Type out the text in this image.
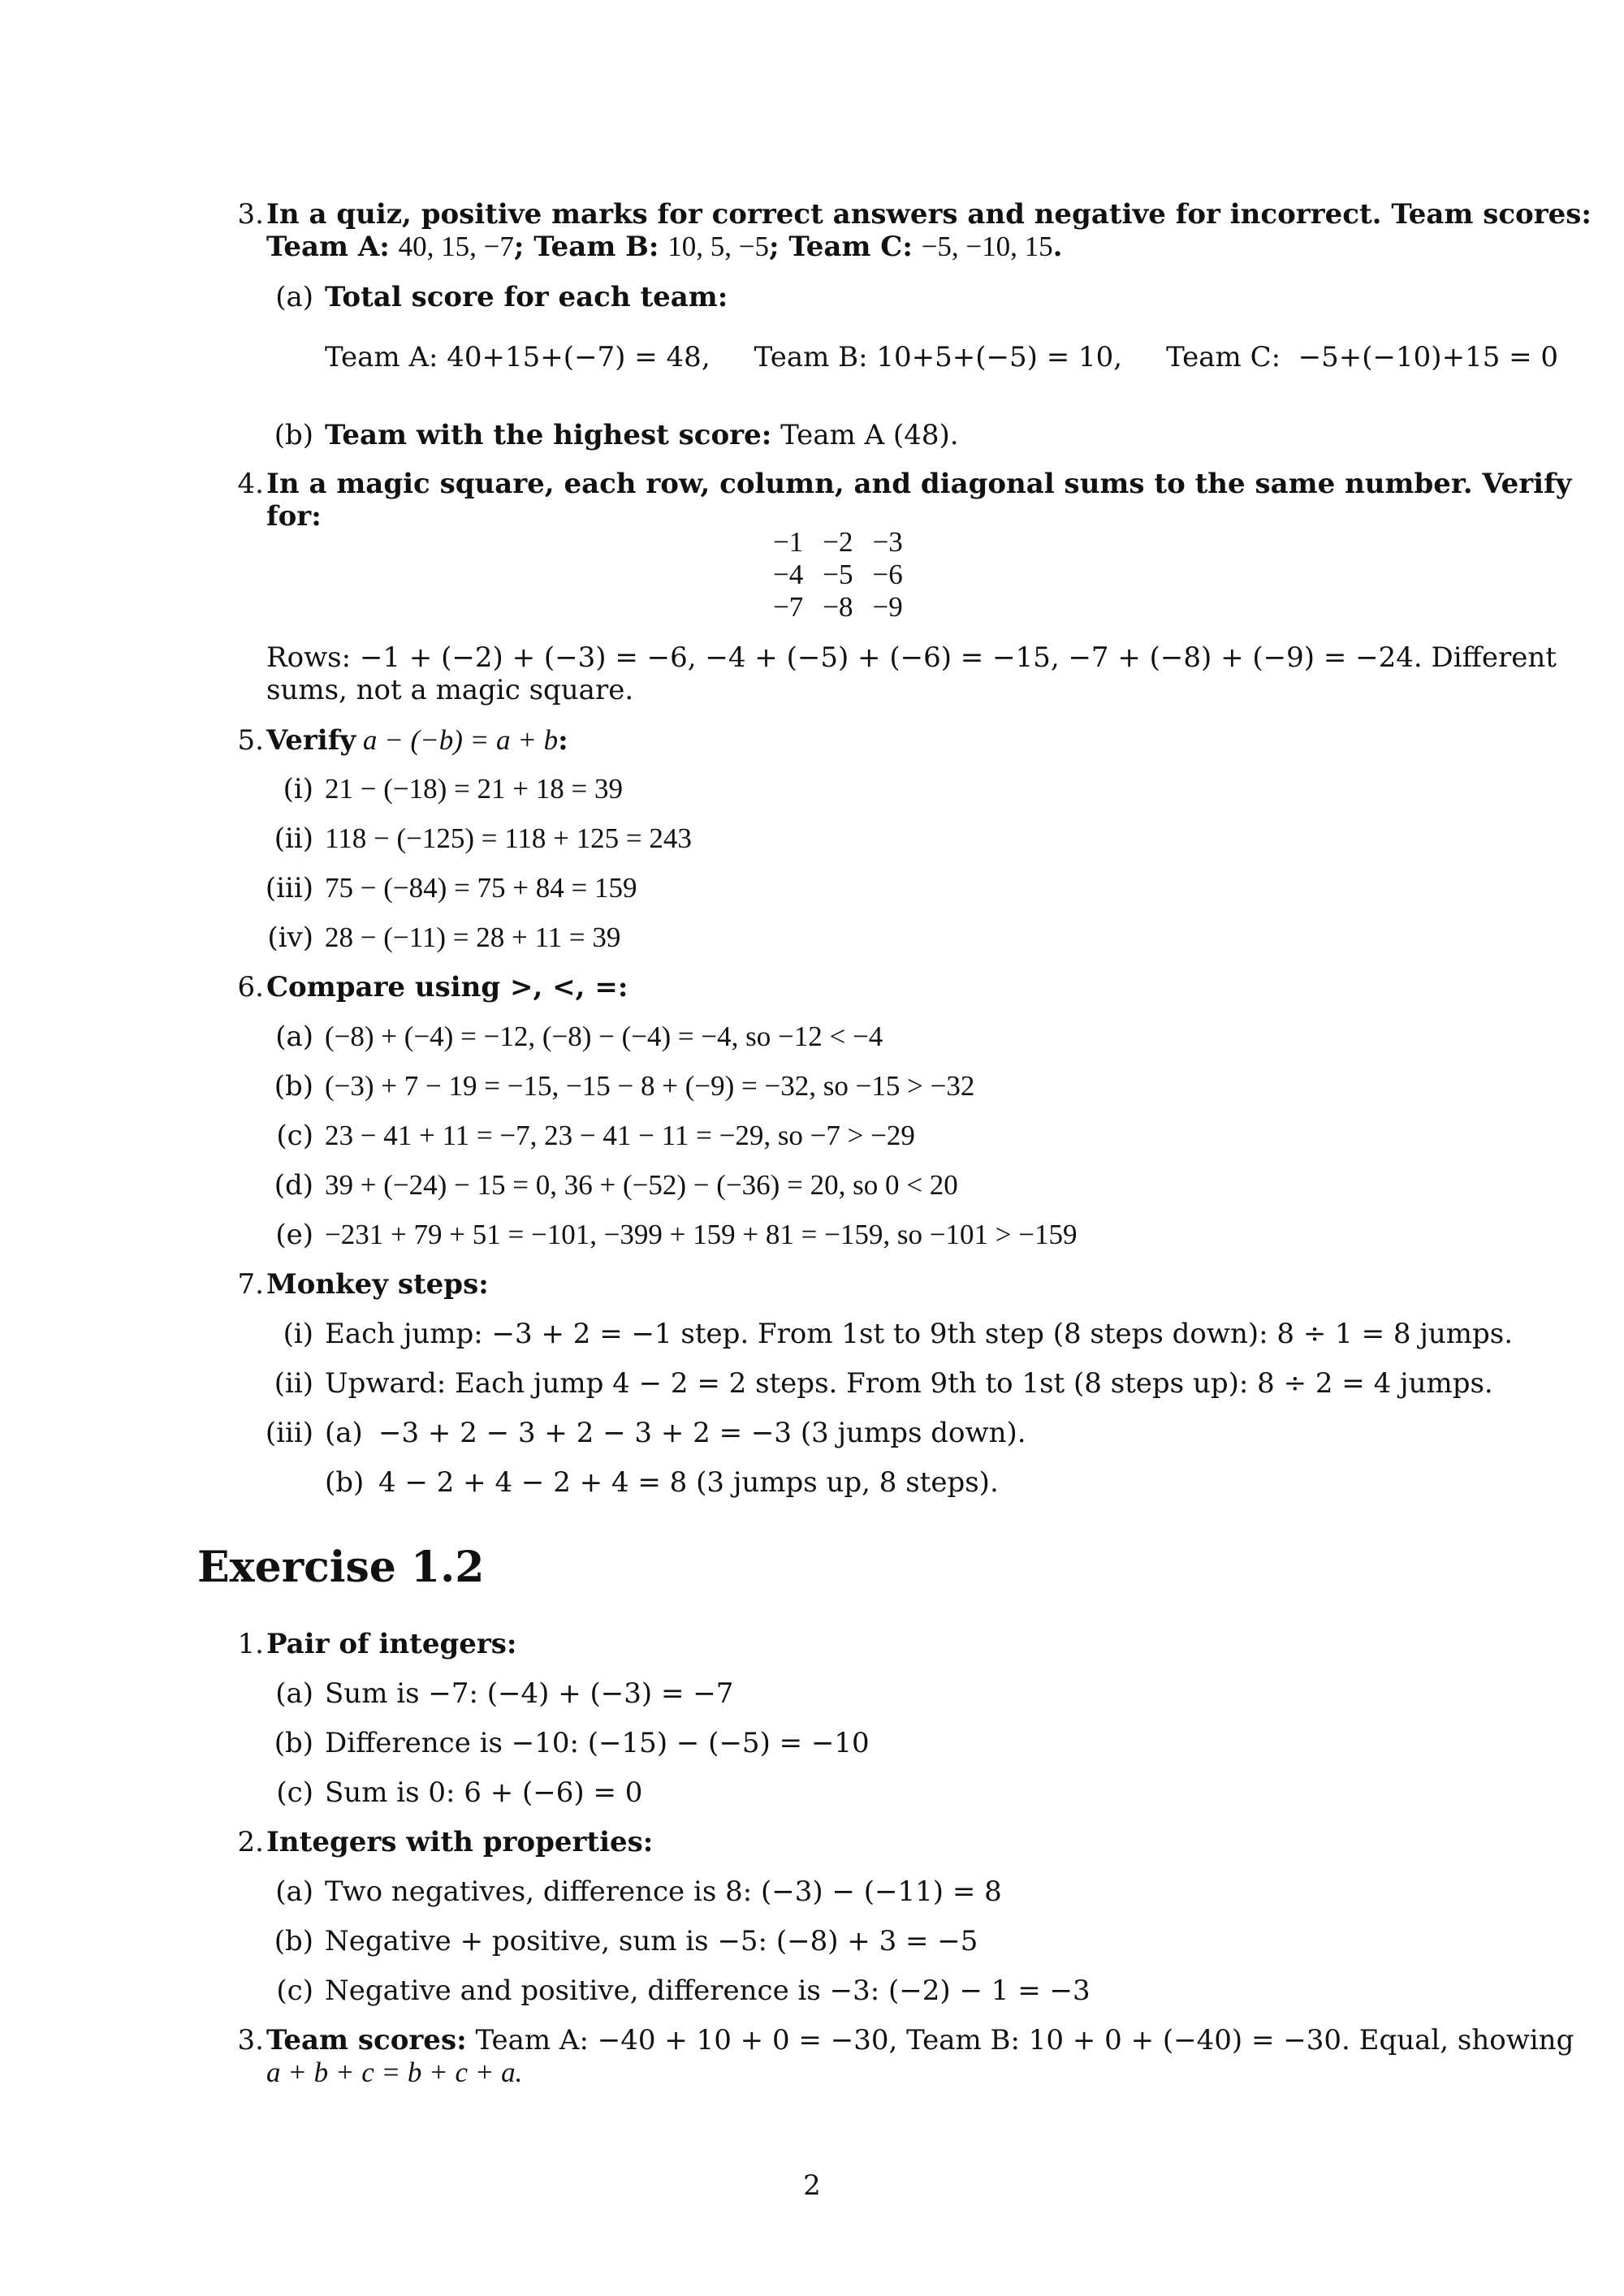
3. In a quiz, positive marks for correct answers and negative for incorrect. Team scores:
Team A: 40, 15, −7; Team B: 10, 5, −5; Team C: −5, −10, 15.
(a) Total score for each team:
Team A: 40+15+(−7) = 48,     Team B: 10+5+(−5) = 10,     Team C:  −5+(−10)+15 = 0
(b) Team with the highest score: Team A (48).
4. In a magic square, each row, column, and diagonal sums to the same number. Verify
for:
−1	−2	−3
−4	−5	−6
−7	−8	−9
Rows: −1 + (−2) + (−3) = −6, −4 + (−5) + (−6) = −15, −7 + (−8) + (−9) = −24. Different
sums, not a magic square.
5. Verify a − (−b) = a + b:
(i) 21 − (−18) = 21 + 18 = 39
(ii) 118 − (−125) = 118 + 125 = 243
(iii) 75 − (−84) = 75 + 84 = 159
(iv) 28 − (−11) = 28 + 11 = 39
6. Compare using >, <, =:
(a) (−8) + (−4) = −12, (−8) − (−4) = −4, so −12 < −4
(b) (−3) + 7 − 19 = −15, −15 − 8 + (−9) = −32, so −15 > −32
(c) 23 − 41 + 11 = −7, 23 − 41 − 11 = −29, so −7 > −29
(d) 39 + (−24) − 15 = 0, 36 + (−52) − (−36) = 20, so 0 < 20
(e) −231 + 79 + 51 = −101, −399 + 159 + 81 = −159, so −101 > −159
7. Monkey steps:
(i) Each jump: −3 + 2 = −1 step. From 1st to 9th step (8 steps down): 8 ÷ 1 = 8 jumps.
(ii) Upward: Each jump 4 − 2 = 2 steps. From 9th to 1st (8 steps up): 8 ÷ 2 = 4 jumps.
(iii) (a) −3 + 2 − 3 + 2 − 3 + 2 = −3 (3 jumps down).
(b) 4 − 2 + 4 − 2 + 4 = 8 (3 jumps up, 8 steps).
Exercise 1.2
1. Pair of integers:
(a) Sum is −7: (−4) + (−3) = −7
(b) Difference is −10: (−15) − (−5) = −10
(c) Sum is 0: 6 + (−6) = 0
2. Integers with properties:
(a) Two negatives, difference is 8: (−3) − (−11) = 8
(b) Negative + positive, sum is −5: (−8) + 3 = −5
(c) Negative and positive, difference is −3: (−2) − 1 = −3
3. Team scores: Team A: −40 + 10 + 0 = −30, Team B: 10 + 0 + (−40) = −30. Equal, showing
a + b + c = b + c + a.
2
